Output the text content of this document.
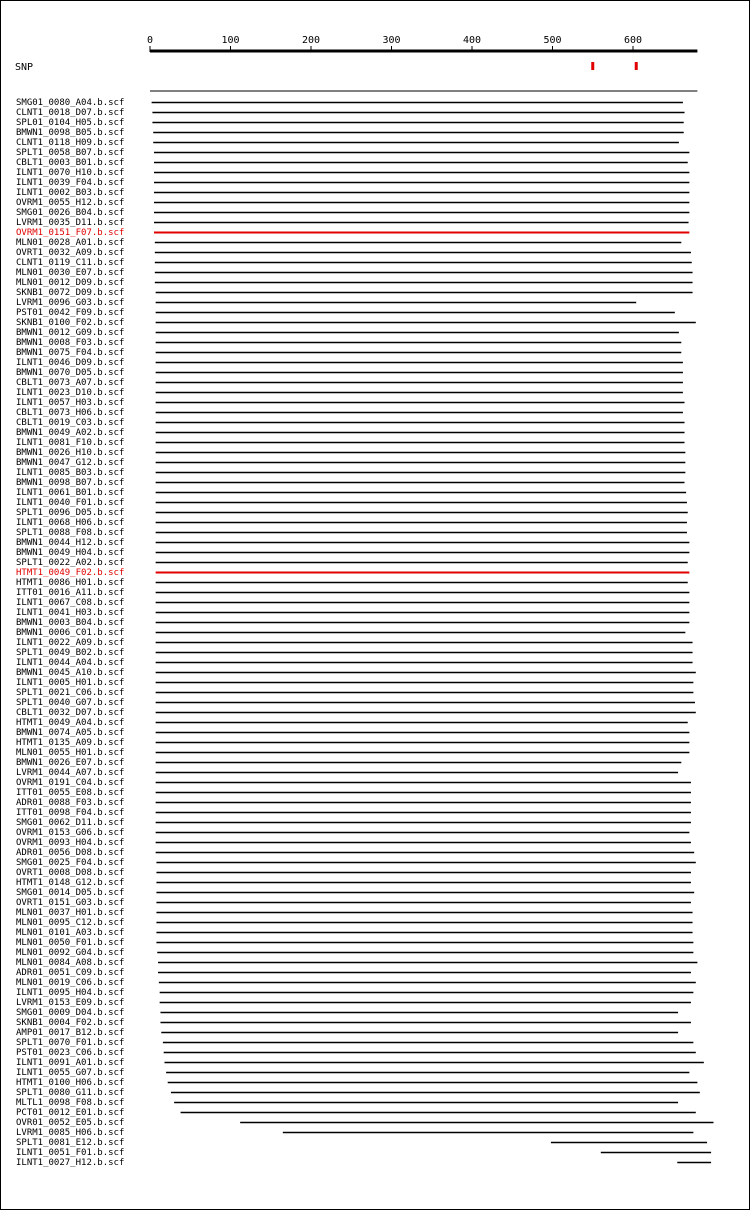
0	100	200	300	400	500	600
SNP
SMG01_0080_A04.b.scf
CLNT1_0018_D07.b.scf
SPL01_0104_H05.b.scf
BMWN1_0098_B05.b.scf
CLNT1_0118_H09.b.scf
SPLT1_0058_B07.b.scf
CBLT1_0003_B01.b.scf
ILNT1_0070_H10.b.scf
ILNT1_0039_F04.b.scf
ILNT1_0002_B03.b.scf
OVRM1_0055_H12.b.scf
SMG01_0026_B04.b.scf
LVRM1_0035_D11.b.scf
OVRM1_0151_F07.b.scf
MLN01_0028_A01.b.scf
OVRT1_0032_A09.b.scf
CLNT1_0119_C11.b.scf
MLN01_0030_E07.b.scf
MLN01_0012_D09.b.scf
SKNB1_0072_D09.b.scf
LVRM1_0096_G03.b.scf
PST01_0042_F09.b.scf
SKNB1_0100_F02.b.scf
BMWN1_0012_G09.b.scf
BMWN1_0008_F03.b.scf
BMWN1_0075_F04.b.scf
ILNT1_0046_D09.b.scf
BMWN1_0070_D05.b.scf
CBLT1_0073_A07.b.scf
ILNT1_0023_D10.b.scf
ILNT1_0057_H03.b.scf
CBLT1_0073_H06.b.scf
CBLT1_0019_C03.b.scf
BMWN1_0049_A02.b.scf
ILNT1_0081_F10.b.scf
BMWN1_0026_H10.b.scf
BMWN1_0047_G12.b.scf
ILNT1_0085_B03.b.scf
BMWN1_0098_B07.b.scf
ILNT1_0061_B01.b.scf
ILNT1_0040_F01.b.scf
SPLT1_0096_D05.b.scf
ILNT1_0068_H06.b.scf
SPLT1_0088_F08.b.scf
BMWN1_0044_H12.b.scf
BMWN1_0049_H04.b.scf
SPLT1_0022_A02.b.scf
HTMT1_0049_F02.b.scf
HTMT1_0086_H01.b.scf
ITT01_0016_A11.b.scf
ILNT1_0067_C08.b.scf
ILNT1_0041_H03.b.scf
BMWN1_0003_B04.b.scf
BMWN1_0006_C01.b.scf
ILNT1_0022_A09.b.scf
SPLT1_0049_B02.b.scf
ILNT1_0044_A04.b.scf
BMWN1_0045_A10.b.scf
ILNT1_0005_H01.b.scf
SPLT1_0021_C06.b.scf
SPLT1_0040_G07.b.scf
CBLT1_0032_D07.b.scf
HTMT1_0049_A04.b.scf
BMWN1_0074_A05.b.scf
HTMT1_0135_A09.b.scf
MLN01_0055_H01.b.scf
BMWN1_0026_E07.b.scf
LVRM1_0044_A07.b.scf
OVRM1_0191_C04.b.scf
ITT01_0055_E08.b.scf
ADR01_0088_F03.b.scf
ITT01_0098_F04.b.scf
SMG01_0062_D11.b.scf
OVRM1_0153_G06.b.scf
OVRM1_0093_H04.b.scf
ADR01_0056_D08.b.scf
SMG01_0025_F04.b.scf
OVRT1_0008_D08.b.scf
HTMT1_0148_G12.b.scf
SMG01_0014_D05.b.scf
OVRT1_0151_G03.b.scf
MLN01_0037_H01.b.scf
MLN01_0095_C12.b.scf
MLN01_0101_A03.b.scf
MLN01_0050_F01.b.scf
MLN01_0092_G04.b.scf
MLN01_0084_A08.b.scf
ADR01_0051_C09.b.scf
MLN01_0019_C06.b.scf
ILNT1_0095_H04.b.scf
LVRM1_0153_E09.b.scf
SMG01_0009_D04.b.scf
SKNB1_0004_F02.b.scf
AMP01_0017_B12.b.scf
SPLT1_0070_F01.b.scf
PST01_0023_C06.b.scf
ILNT1_0091_A01.b.scf
ILNT1_0055_G07.b.scf
HTMT1_0100_H06.b.scf
SPLT1_0080_G11.b.scf
MLTL1_0098_F08.b.scf
PCT01_0012_E01.b.scf
OVR01_0052_E05.b.scf
LVRM1_0085_H06.b.scf
SPLT1_0081_E12.b.scf
ILNT1_0051_F01.b.scf
ILNT1_0027_H12.b.scf
